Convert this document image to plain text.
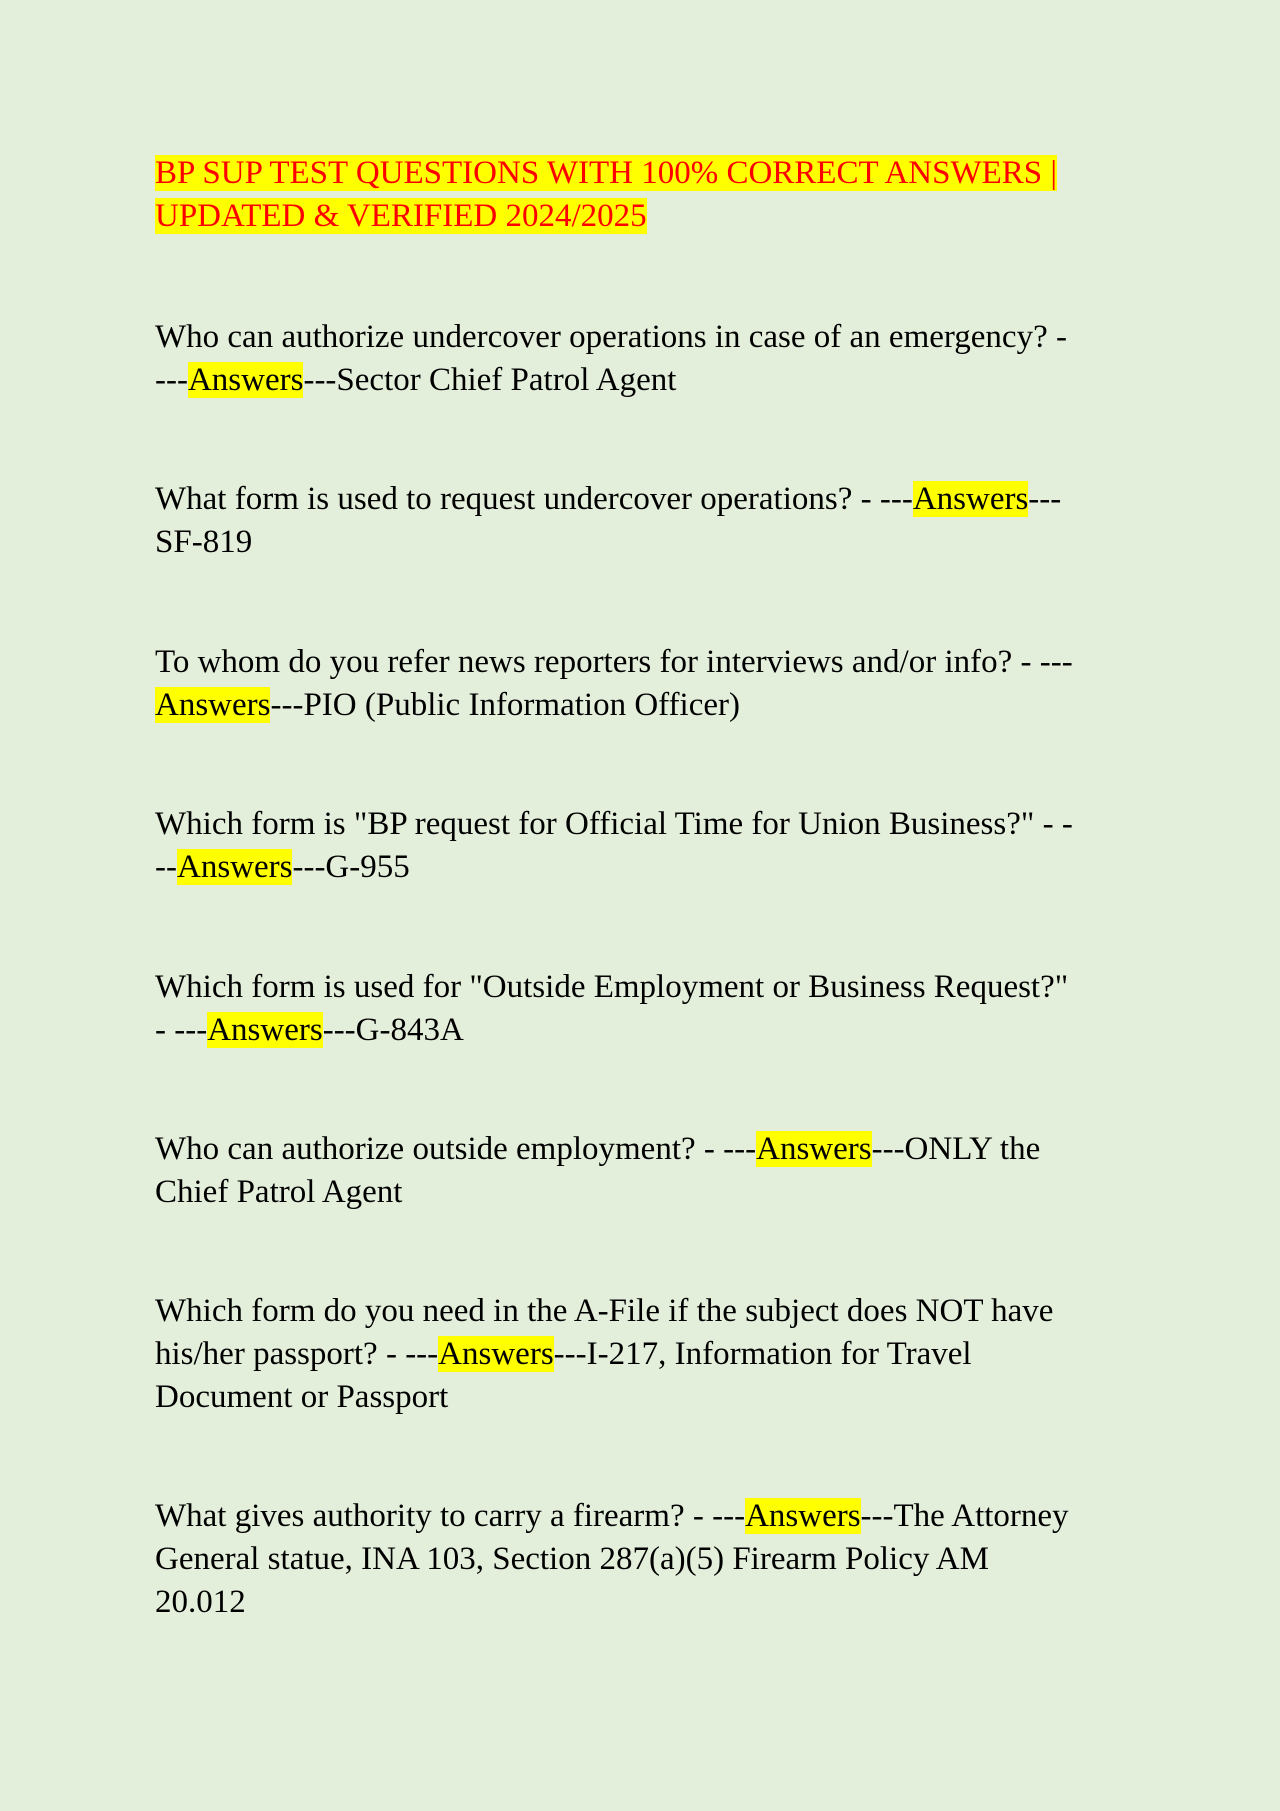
BP SUP TEST QUESTIONS WITH 100% CORRECT ANSWERS |
UPDATED & VERIFIED 2024/2025

Who can authorize undercover operations in case of an emergency? -
---Answers---Sector Chief Patrol Agent

What form is used to request undercover operations? - ---Answers---
SF-819

To whom do you refer news reporters for interviews and/or info? - ---
Answers---PIO (Public Information Officer)

Which form is "BP request for Official Time for Union Business?" - -
--Answers---G-955

Which form is used for "Outside Employment or Business Request?"
- ---Answers---G-843A

Who can authorize outside employment? - ---Answers---ONLY the
Chief Patrol Agent

Which form do you need in the A-File if the subject does NOT have
his/her passport? - ---Answers---I-217, Information for Travel
Document or Passport

What gives authority to carry a firearm? - ---Answers---The Attorney
General statue, INA 103, Section 287(a)(5) Firearm Policy AM
20.012
